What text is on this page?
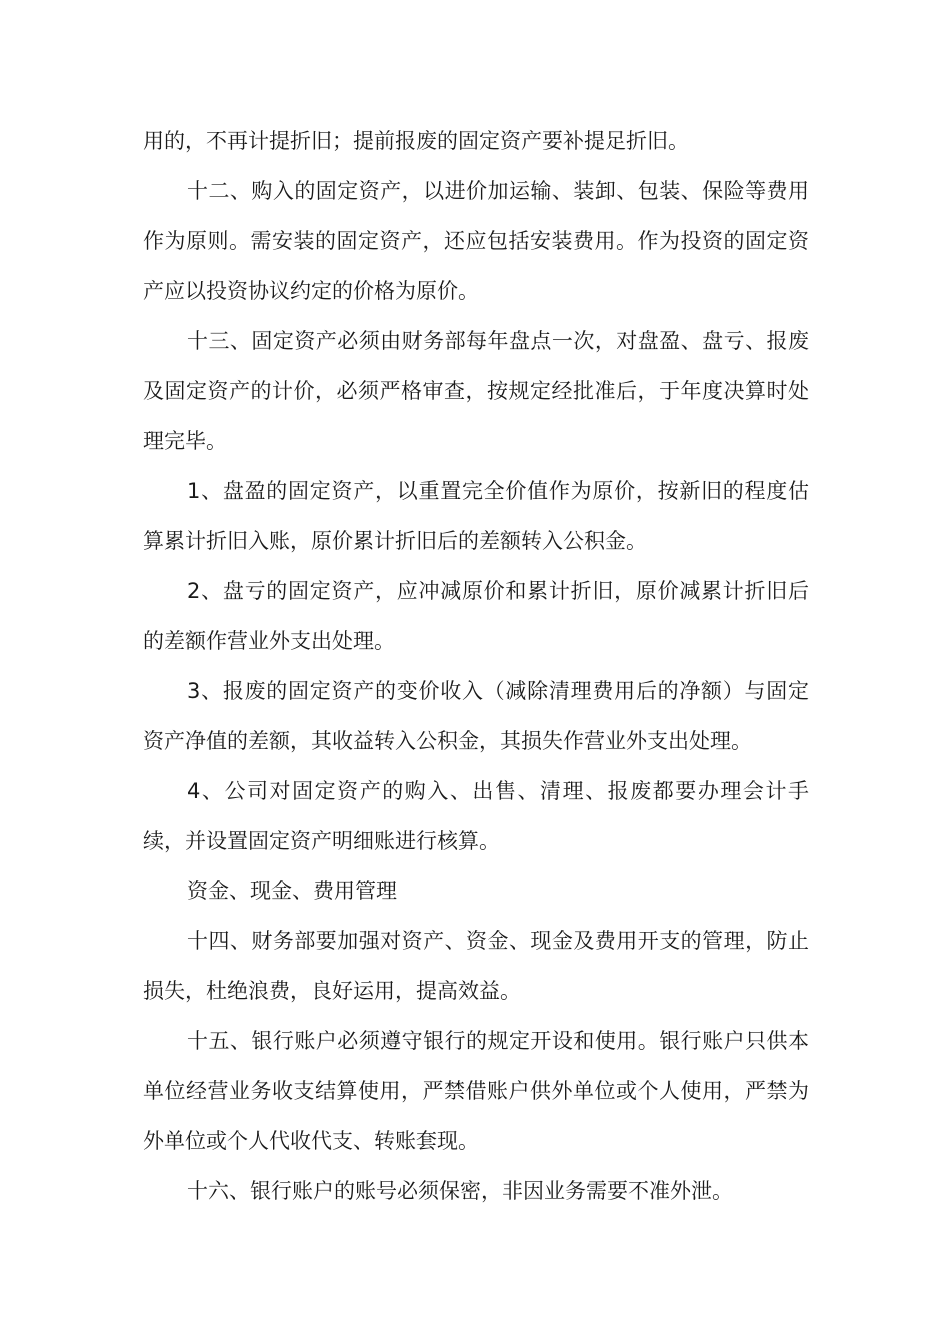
用的，不再计提折旧；提前报废的固定资产要补提足折旧。

十二、购入的固定资产，以进价加运输、装卸、包装、保险等费用作为原则。需安装的固定资产，还应包括安装费用。作为投资的固定资产应以投资协议约定的价格为原价。

十三、固定资产必须由财务部每年盘点一次，对盘盈、盘亏、报废及固定资产的计价，必须严格审查，按规定经批准后，于年度决算时处理完毕。

1、盘盈的固定资产，以重置完全价值作为原价，按新旧的程度估算累计折旧入账，原价累计折旧后的差额转入公积金。

2、盘亏的固定资产，应冲减原价和累计折旧，原价减累计折旧后的差额作营业外支出处理。

3、报废的固定资产的变价收入（减除清理费用后的净额）与固定资产净值的差额，其收益转入公积金，其损失作营业外支出处理。

4、公司对固定资产的购入、出售、清理、报废都要办理会计手续，并设置固定资产明细账进行核算。

资金、现金、费用管理

十四、财务部要加强对资产、资金、现金及费用开支的管理，防止损失，杜绝浪费，良好运用，提高效益。

十五、银行账户必须遵守银行的规定开设和使用。银行账户只供本单位经营业务收支结算使用，严禁借账户供外单位或个人使用，严禁为外单位或个人代收代支、转账套现。

十六、银行账户的账号必须保密，非因业务需要不准外泄。
